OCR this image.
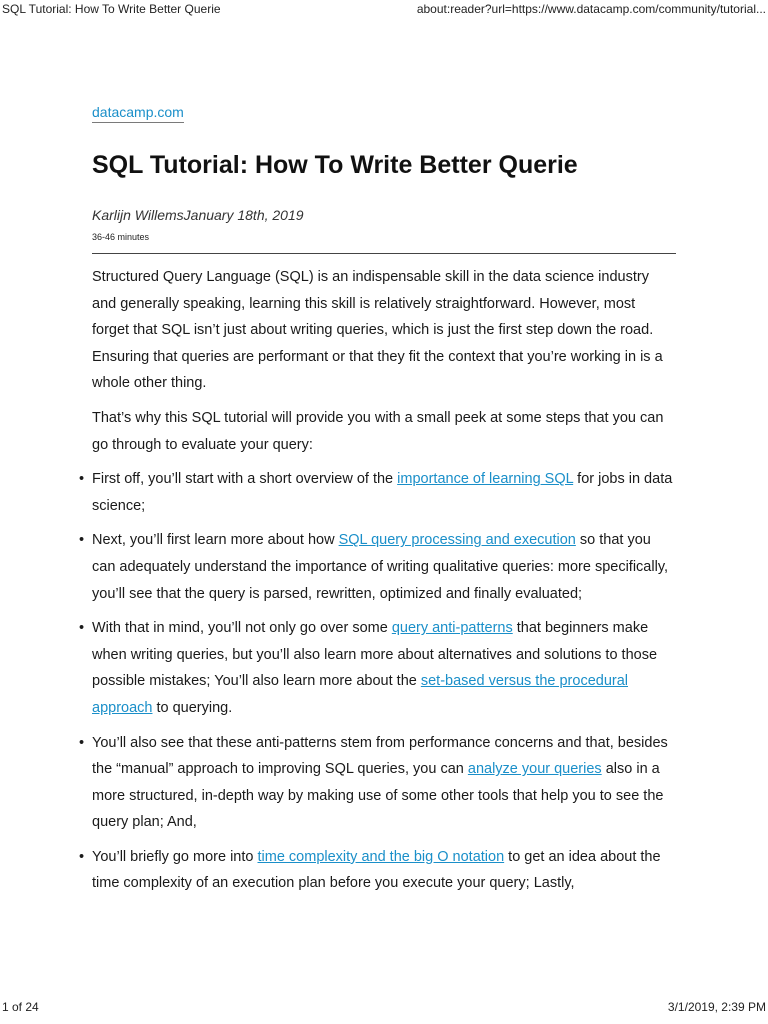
SQL Tutorial: How To Write Better Querie	about:reader?url=https://www.datacamp.com/community/tutorial...
datacamp.com
SQL Tutorial: How To Write Better Querie
Karlijn WillemsJanuary 18th, 2019
36-46 minutes

Structured Query Language (SQL) is an indispensable skill in the data science industry and generally speaking, learning this skill is relatively straightforward. However, most forget that SQL isn’t just about writing queries, which is just the first step down the road. Ensuring that queries are performant or that they fit the context that you’re working in is a whole other thing.

That’s why this SQL tutorial will provide you with a small peek at some steps that you can go through to evaluate your query:

• First off, you’ll start with a short overview of the importance of learning SQL for jobs in data science;
• Next, you’ll first learn more about how SQL query processing and execution so that you can adequately understand the importance of writing qualitative queries: more specifically, you’ll see that the query is parsed, rewritten, optimized and finally evaluated;
• With that in mind, you’ll not only go over some query anti-patterns that beginners make when writing queries, but you’ll also learn more about alternatives and solutions to those possible mistakes; You’ll also learn more about the set-based versus the procedural approach to querying.
• You’ll also see that these anti-patterns stem from performance concerns and that, besides the “manual” approach to improving SQL queries, you can analyze your queries also in a more structured, in-depth way by making use of some other tools that help you to see the query plan; And,
• You’ll briefly go more into time complexity and the big O notation to get an idea about the time complexity of an execution plan before you execute your query; Lastly,
1 of 24	3/1/2019, 2:39 PM
